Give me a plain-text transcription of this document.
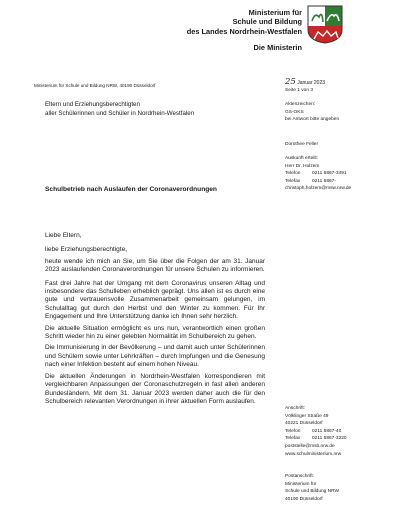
Ministerium für
Schule und Bildung
des Landes Nordrhein-Westfalen
Die Ministerin
Ministerium für Schule und Bildung NRW, 40190 Düsseldorf
Eltern und Erziehungsberechtigten
aller Schülerinnen und Schüler in Nordrhein-Westfalen
25 Januar 2023
Seite 1 von 3
Aktenzeichen:
GS-OKS
bei Antwort bitte angeben
Dorothee Feller
Auskunft erteilt:
Herr Dr. Holzem
Telefon 0211 5867-3491
Telefax 0211 5867-
christoph.holzem@msw.nrw.de
Anschrift:
Völklinger Straße 49
40221 Düsseldorf
Telefon 0211 5867-40
Telefax 0211 5867-3220
poststelle@msb.nrw.de
www.schulministerium.nrw
Postanschrift:
Ministerium für
Schule und Bildung NRW
40190 Düsseldorf
Schulbetrieb nach Auslaufen der Coronaverordnungen

Liebe Eltern,

liebe Erziehungsberechtigte,

heute wende ich mich an Sie, um Sie über die Folgen der am 31. Januar 2023 auslaufenden Coronaverordnungen für unsere Schulen zu informieren.

Fast drei Jahre hat der Umgang mit dem Coronavirus unseren Alltag und insbesondere das Schulleben erheblich geprägt. Uns allen ist es durch eine gute und vertrauensvolle Zusammenarbeit gemeinsam gelungen, im Schulalltag gut durch den Herbst und den Winter zu kommen. Für Ihr Engagement und Ihre Unterstützung danke ich Ihnen sehr herzlich.

Die aktuelle Situation ermöglicht es uns nun, verantwortlich einen großen Schritt wieder hin zu einer gelebten Normalität im Schulbereich zu gehen.

Die Immunisierung in der Bevölkerung – und damit auch unter Schülerinnen und Schülern sowie unter Lehrkräften – durch Impfungen und die Genesung nach einer Infektion besteht auf einem hohen Niveau.

Die aktuellen Änderungen in Nordrhein-Westfalen korrespondieren mit vergleichbaren Anpassungen der Coronaschutzregeln in fast allen anderen Bundesländern. Mit dem 31. Januar 2023 werden daher auch die für den Schulbereich relevanten Verordnungen in ihrer aktuellen Form auslaufen.
